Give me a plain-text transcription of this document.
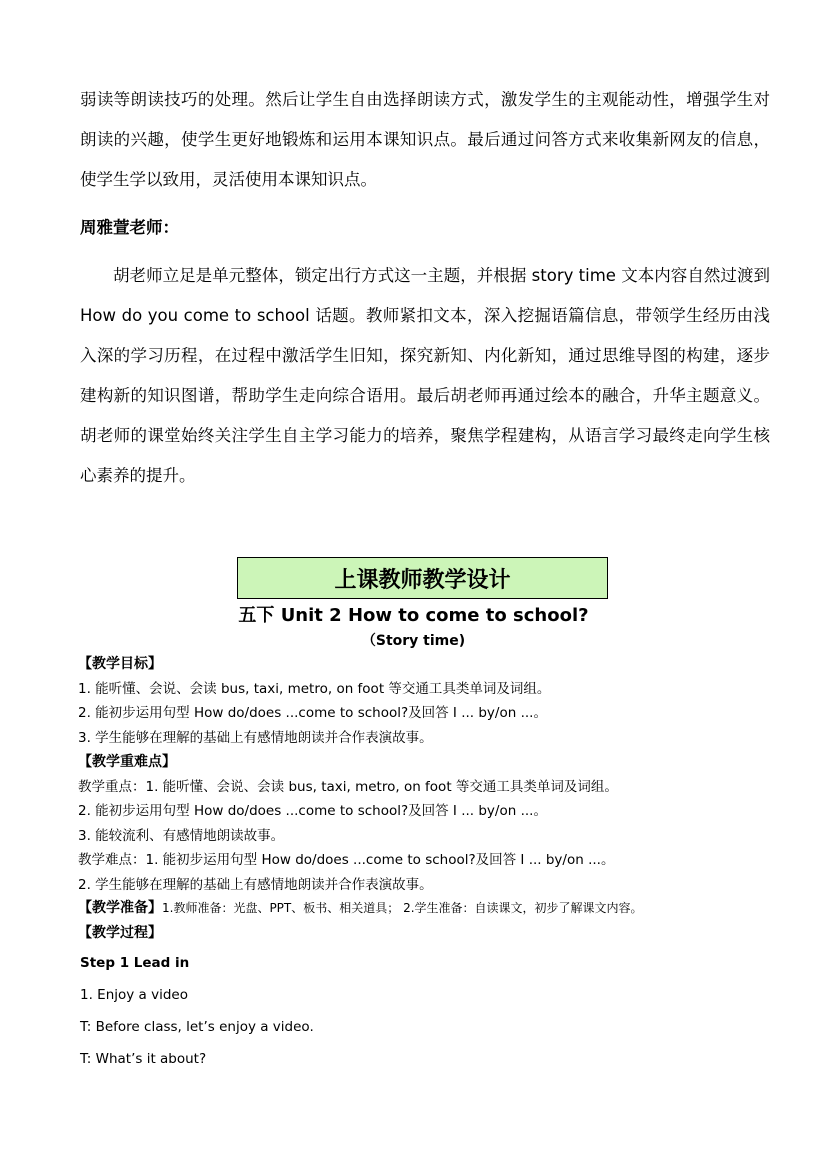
弱读等朗读技巧的处理。然后让学生自由选择朗读方式，激发学生的主观能动性，增强学生对朗读的兴趣，使学生更好地锻炼和运用本课知识点。最后通过问答方式来收集新网友的信息，使学生学以致用，灵活使用本课知识点。

周雅萱老师：

胡老师立足是单元整体，锁定出行方式这一主题，并根据 story time 文本内容自然过渡到 How do you come to school 话题。教师紧扣文本，深入挖掘语篇信息，带领学生经历由浅入深的学习历程，在过程中激活学生旧知，探究新知、内化新知，通过思维导图的构建，逐步建构新的知识图谱，帮助学生走向综合语用。最后胡老师再通过绘本的融合，升华主题意义。胡老师的课堂始终关注学生自主学习能力的培养，聚焦学程建构，从语言学习最终走向学生核心素养的提升。

上课教师教学设计

五下 Unit 2 How to come to school?

（Story time)

【教学目标】
1. 能听懂、会说、会读 bus, taxi, metro, on foot 等交通工具类单词及词组。
2. 能初步运用句型 How do/does ...come to school?及回答 I ... by/on ...。
3. 学生能够在理解的基础上有感情地朗读并合作表演故事。
【教学重难点】
教学重点：1. 能听懂、会说、会读 bus, taxi, metro, on foot 等交通工具类单词及词组。
2. 能初步运用句型 How do/does ...come to school?及回答 I ... by/on ...。
3. 能较流利、有感情地朗读故事。
教学难点：1. 能初步运用句型 How do/does ...come to school?及回答 I ... by/on ...。
2. 学生能够在理解的基础上有感情地朗读并合作表演故事。
【教学准备】1.教师准备：光盘、PPT、板书、相关道具； 2.学生准备：自读课文，初步了解课文内容。

【教学过程】

Step 1 Lead in

1. Enjoy a video

T: Before class, let’s enjoy a video.

T: What’s it about?
